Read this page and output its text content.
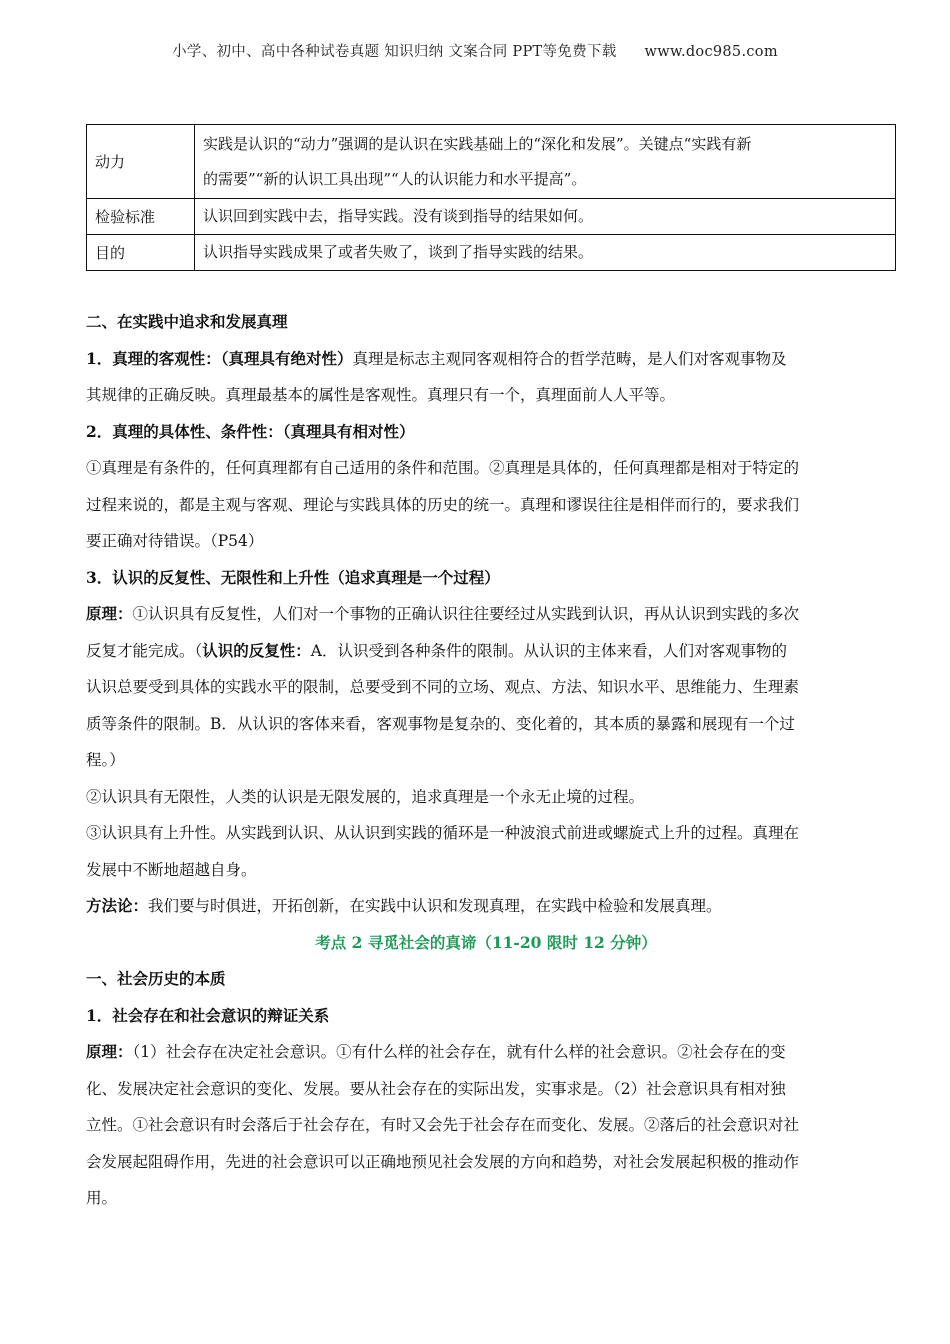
小学、初中、高中各种试卷真题 知识归纳 文案合同 PPT等免费下载 www.doc985.com
动力	实践是认识的“动力”强调的是认识在实践基础上的“深化和发展”。关键点“实践有新
的需要”“新的认识工具出现”“人的认识能力和水平提高”。

检验标准	认识回到实践中去，指导实践。没有谈到指导的结果如何。
目的	认识指导实践成果了或者失败了，谈到了指导实践的结果。
二、在实践中追求和发展真理
1．真理的客观性：（真理具有绝对性）真理是标志主观同客观相符合的哲学范畴，是人们对客观事物及
其规律的正确反映。真理最基本的属性是客观性。真理只有一个，真理面前人人平等。
2．真理的具体性、条件性：（真理具有相对性）
①真理是有条件的，任何真理都有自己适用的条件和范围。②真理是具体的，任何真理都是相对于特定的
过程来说的，都是主观与客观、理论与实践具体的历史的统一。真理和谬误往往是相伴而行的，要求我们
要正确对待错误。（P54）
3．认识的反复性、无限性和上升性（追求真理是一个过程）
原理：①认识具有反复性，人们对一个事物的正确认识往往要经过从实践到认识，再从认识到实践的多次
反复才能完成。（认识的反复性：A．认识受到各种条件的限制。从认识的主体来看，人们对客观事物的
认识总要受到具体的实践水平的限制，总要受到不同的立场、观点、方法、知识水平、思维能力、生理素
质等条件的限制。B．从认识的客体来看，客观事物是复杂的、变化着的，其本质的暴露和展现有一个过
程。）
②认识具有无限性，人类的认识是无限发展的，追求真理是一个永无止境的过程。
③认识具有上升性。从实践到认识、从认识到实践的循环是一种波浪式前进或螺旋式上升的过程。真理在
发展中不断地超越自身。
方法论：我们要与时俱进，开拓创新，在实践中认识和发现真理，在实践中检验和发展真理。
考点 2 寻觅社会的真谛（11-20 限时 12 分钟）
一、社会历史的本质
1．社会存在和社会意识的辩证关系
原理：（1）社会存在决定社会意识。①有什么样的社会存在，就有什么样的社会意识。②社会存在的变
化、发展决定社会意识的变化、发展。要从社会存在的实际出发，实事求是。（2）社会意识具有相对独
立性。①社会意识有时会落后于社会存在，有时又会先于社会存在而变化、发展。②落后的社会意识对社
会发展起阻碍作用，先进的社会意识可以正确地预见社会发展的方向和趋势，对社会发展起积极的推动作
用。
